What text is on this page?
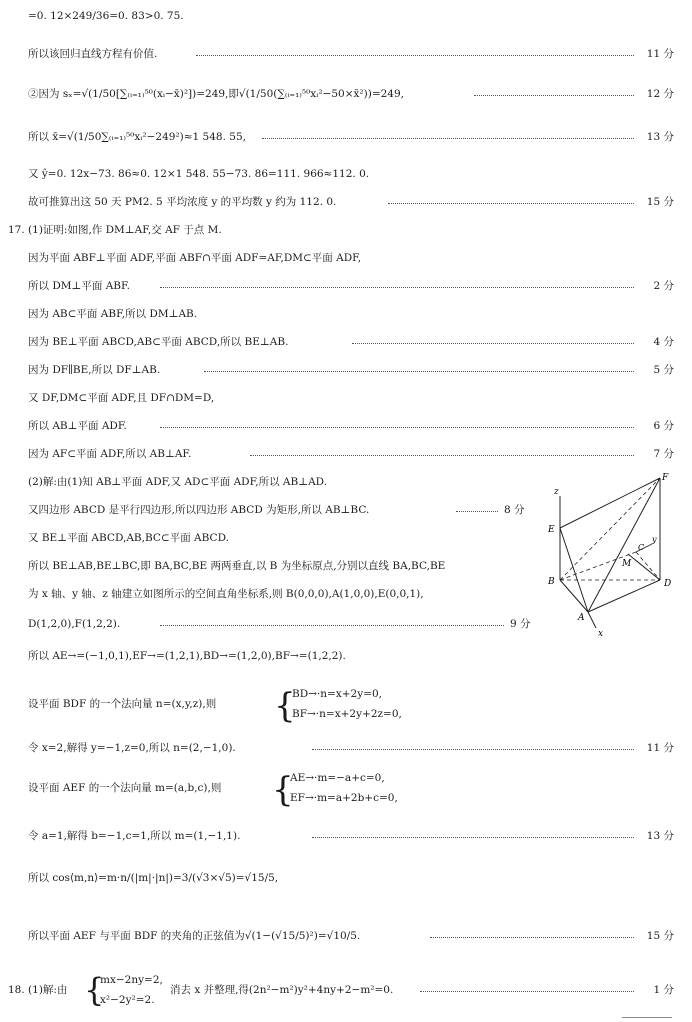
=0. 12×249/36=0. 83>0. 75.
所以该回归直线方程有价值.	11 分
②因为 sₓ=√(1/50[∑₍ᵢ₌₁₎⁵⁰(xᵢ−x̄)²])=249,即√(1/50(∑₍ᵢ₌₁₎⁵⁰xᵢ²−50×x̄²))=249,	12 分
所以 x̄=√(1/50∑₍ᵢ₌₁₎⁵⁰xᵢ²−249²)≈1 548. 55,	13 分
又 ŷ=0. 12x−73. 86≈0. 12×1 548. 55−73. 86=111. 966≈112. 0.
故可推算出这 50 天 PM2. 5 平均浓度 y 的平均数 y 约为 112. 0.	15 分
17. (1)证明:如图,作 DM⊥AF,交 AF 于点 M.
因为平面 ABF⊥平面 ADF,平面 ABF∩平面 ADF=AF,DM⊂平面 ADF,
所以 DM⊥平面 ABF.	2 分
因为 AB⊂平面 ABF,所以 DM⊥AB.
因为 BE⊥平面 ABCD,AB⊂平面 ABCD,所以 BE⊥AB.	4 分
因为 DF∥BE,所以 DF⊥AB.	5 分
又 DF,DM⊂平面 ADF,且 DF∩DM=D,
所以 AB⊥平面 ADF.	6 分
因为 AF⊂平面 ADF,所以 AB⊥AF.	7 分
(2)解:由(1)知 AB⊥平面 ADF,又 AD⊂平面 ADF,所以 AB⊥AD.
又四边形 ABCD 是平行四边形,所以四边形 ABCD 为矩形,所以 AB⊥BC.	8 分
又 BE⊥平面 ABCD,AB,BC⊂平面 ABCD.
所以 BE⊥AB,BE⊥BC,即 BA,BC,BE 两两垂直,以 B 为坐标原点,分别以直线 BA,BC,BE
为 x 轴、y 轴、z 轴建立如图所示的空间直角坐标系,则 B(0,0,0),A(1,0,0),E(0,0,1),
D(1,2,0),F(1,2,2).	9 分
所以 AE→=(−1,0,1),EF→=(1,2,1),BD→=(1,2,0),BF→=(1,2,2).
设平面 BDF 的一个法向量 n=(x,y,z),则 {
BD→·n=x+2y=0,
BF→·n=x+2y+2z=0,
令 x=2,解得 y=−1,z=0,所以 n=(2,−1,0).	11 分
设平面 AEF 的一个法向量 m=(a,b,c),则 {
AE→·m=−a+c=0,
EF→·m=a+2b+c=0,
令 a=1,解得 b=−1,c=1,所以 m=(1,−1,1).	13 分
所以 cos⟨m,n⟩=m·n/(|m|·|n|)=3/(√3×√5)=√15/5,
所以平面 AEF 与平面 BDF 的夹角的正弦值为√(1−(√15/5)²)=√10/5.	15 分
18. (1)解:由 {
mx−2ny=2,
x²−2y²=2.
消去 x 并整理,得(2n²−m²)y²+4ny+2−m²=0.	1 分
z
E
F
B	D
A
M
C
y
x
